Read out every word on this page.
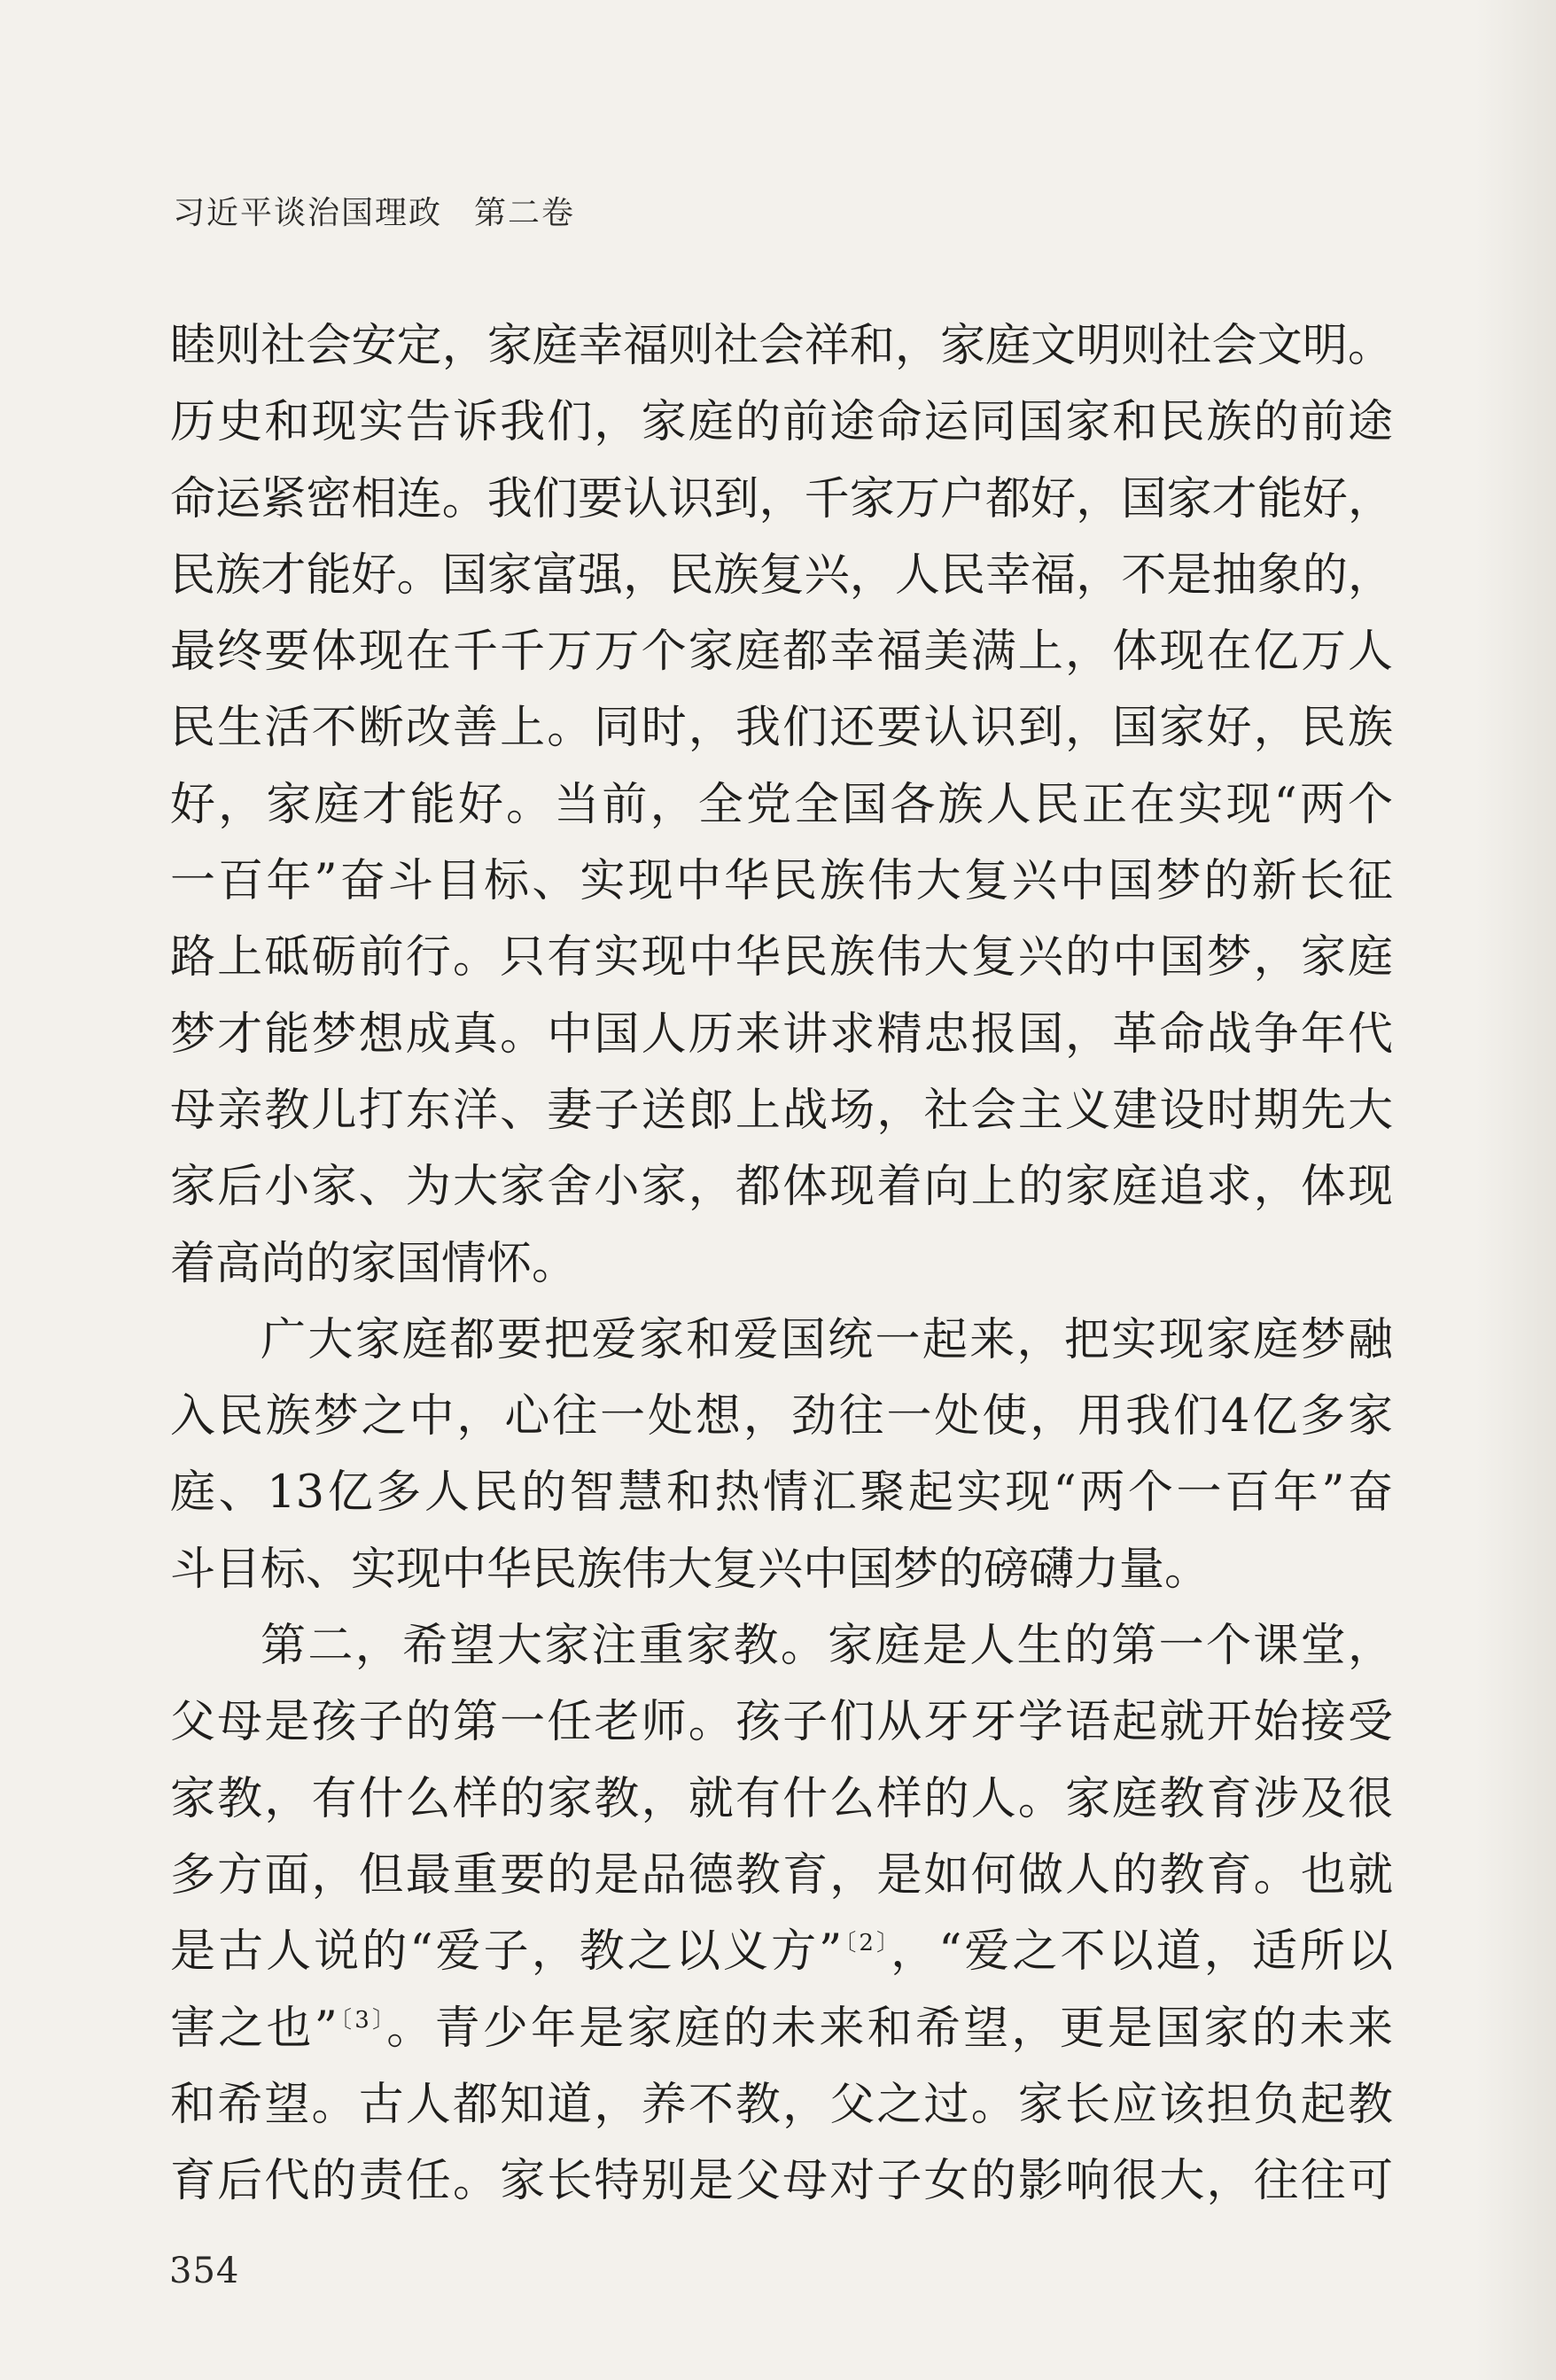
习近平谈治国理政 第二卷
睦则社会安定，家庭幸福则社会祥和，家庭文明则社会文明。
历史和现实告诉我们，家庭的前途命运同国家和民族的前途
命运紧密相连。我们要认识到，千家万户都好，国家才能好，
民族才能好。国家富强，民族复兴，人民幸福，不是抽象的，
最终要体现在千千万万个家庭都幸福美满上，体现在亿万人
民生活不断改善上。同时，我们还要认识到，国家好，民族
好，家庭才能好。当前，全党全国各族人民正在实现“两个
一百年”奋斗目标、实现中华民族伟大复兴中国梦的新长征
路上砥砺前行。只有实现中华民族伟大复兴的中国梦，家庭
梦才能梦想成真。中国人历来讲求精忠报国，革命战争年代
母亲教儿打东洋、妻子送郎上战场，社会主义建设时期先大
家后小家、为大家舍小家，都体现着向上的家庭追求，体现
着高尚的家国情怀。
广大家庭都要把爱家和爱国统一起来，把实现家庭梦融
入民族梦之中，心往一处想，劲往一处使，用我们4亿多家
庭、13亿多人民的智慧和热情汇聚起实现“两个一百年”奋
斗目标、实现中华民族伟大复兴中国梦的磅礴力量。
第二，希望大家注重家教。家庭是人生的第一个课堂，
父母是孩子的第一任老师。孩子们从牙牙学语起就开始接受
家教，有什么样的家教，就有什么样的人。家庭教育涉及很
多方面，但最重要的是品德教育，是如何做人的教育。也就
是古人说的“爱子，教之以义方”$^{〔2〕}$，“爱之不以道，适所以
害之也”$^{〔3〕}$。青少年是家庭的未来和希望，更是国家的未来
和希望。古人都知道，养不教，父之过。家长应该担负起教
育后代的责任。家长特别是父母对子女的影响很大，往往可
354
